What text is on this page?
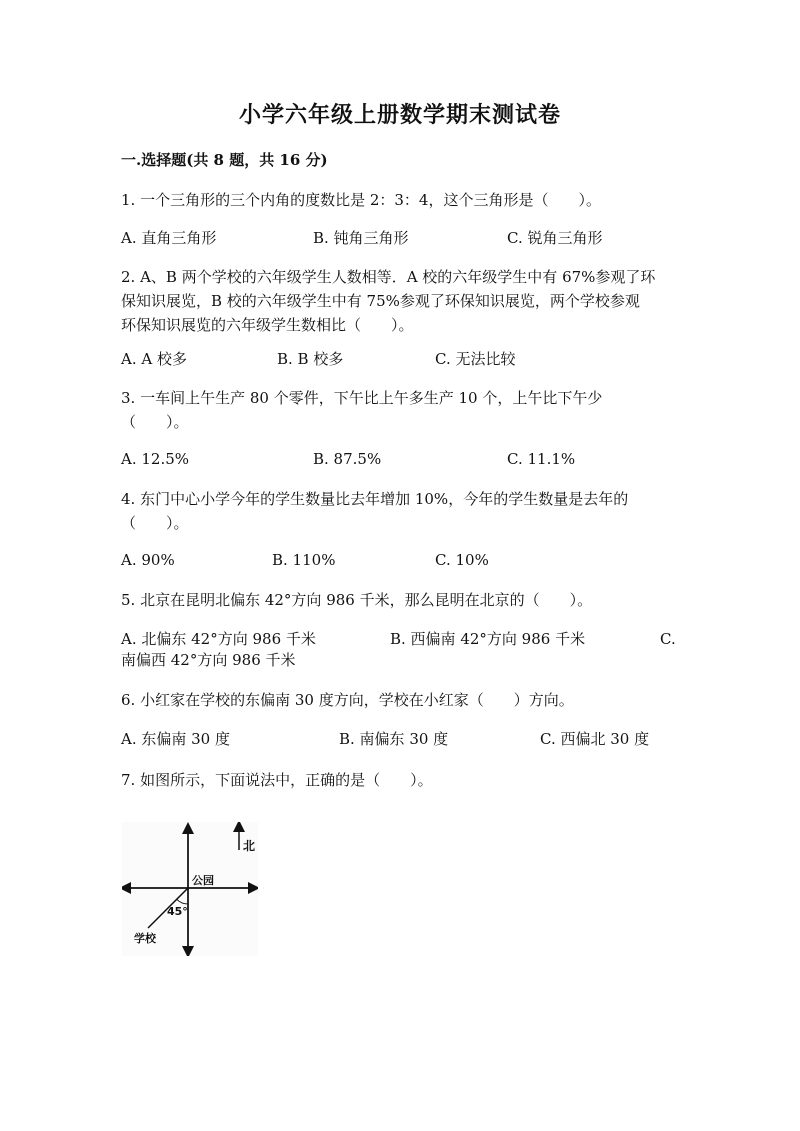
小学六年级上册数学期末测试卷
一.选择题(共 8 题，共 16 分)

1. 一个三角形的三个内角的度数比是 2：3：4，这个三角形是（　　）。

A. 直角三角形	B. 钝角三角形	C. 锐角三角形

2. A、B 两个学校的六年级学生人数相等．A 校的六年级学生中有 67%参观了环

保知识展览，B 校的六年级学生中有 75%参观了环保知识展览，两个学校参观

环保知识展览的六年级学生数相比（　　）。

A. A 校多	B. B 校多	C. 无法比较

3. 一车间上午生产 80 个零件，下午比上午多生产 10 个，上午比下午少

（　　）。

A. 12.5%	B. 87.5%	C. 11.1%

4. 东门中心小学今年的学生数量比去年增加 10%，今年的学生数量是去年的

（　　）。

A. 90%	B. 110%	C. 10%

5. 北京在昆明北偏东 42°方向 986 千米，那么昆明在北京的（　　）。

A. 北偏东 42°方向 986 千米	B. 西偏南 42°方向 986 千米	C.
南偏西 42°方向 986 千米

6. 小红家在学校的东偏南 30 度方向，学校在小红家（　　）方向。

A. 东偏南 30 度	B. 南偏东 30 度	C. 西偏北 30 度

7. 如图所示，下面说法中，正确的是（　　）。

北
公园
45°
学校
